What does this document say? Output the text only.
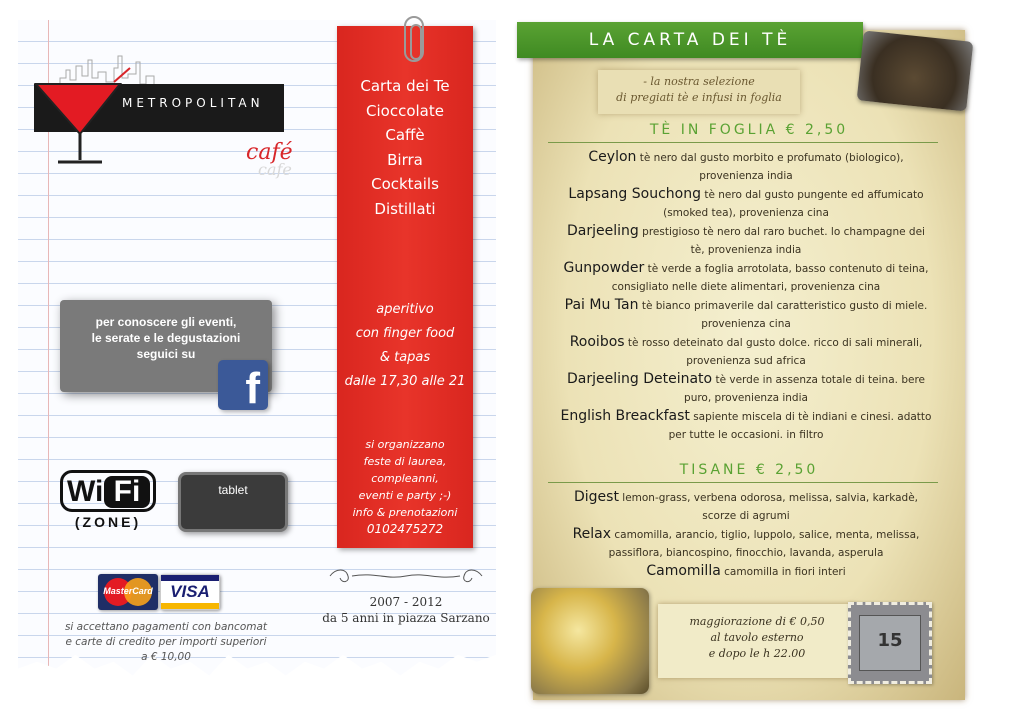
METROPOLITAN
café
cafe
per conoscere gli eventi,
le serate e le degustazioni
seguici su
f
Wi Fi
(ZONE)
tablet
MasterCard	VISA
si accettano pagamenti con bancomat
e carte di credito per importi superiori
a € 10,00
Carta dei Te
Cioccolate
Caffè
Birra
Cocktails
Distillati
aperitivo
con finger food
& tapas
dalle 17,30 alle 21
si organizzano
feste di laurea,
compleanni,
eventi e party ;-)
info & prenotazioni
0102475272
2007 - 2012
da 5 anni in piazza Sarzano
LA CARTA DEI TÈ
- la nostra selezione
di pregiati tè e infusi in foglia
TÈ IN FOGLIA € 2,50
Ceylon tè nero dal gusto morbito e profumato (biologico),
provenienza india
Lapsang Souchong tè nero dal gusto pungente ed affumicato
(smoked tea), provenienza cina
Darjeeling prestigioso tè nero dal raro buchet. lo champagne dei
tè, provenienza india
Gunpowder tè verde a foglia arrotolata, basso contenuto di teina,
consigliato nelle diete alimentari, provenienza cina
Pai Mu Tan tè bianco primaverile dal caratteristico gusto di miele.
provenienza cina
Rooibos tè rosso deteinato dal gusto dolce. ricco di sali minerali,
provenienza sud africa
Darjeeling Deteinato tè verde in assenza totale di teina. bere
puro, provenienza india
English Breackfast sapiente miscela di tè indiani e cinesi. adatto
per tutte le occasioni. in filtro
TISANE € 2,50
Digest lemon-grass, verbena odorosa, melissa, salvia, karkadè,
scorze di agrumi
Relax camomilla, arancio, tiglio, luppolo, salice, menta, melissa,
passiflora, biancospino, finocchio, lavanda, asperula
Camomilla camomilla in fiori interi
maggiorazione di € 0,50
al tavolo esterno
e dopo le h 22.00
15
